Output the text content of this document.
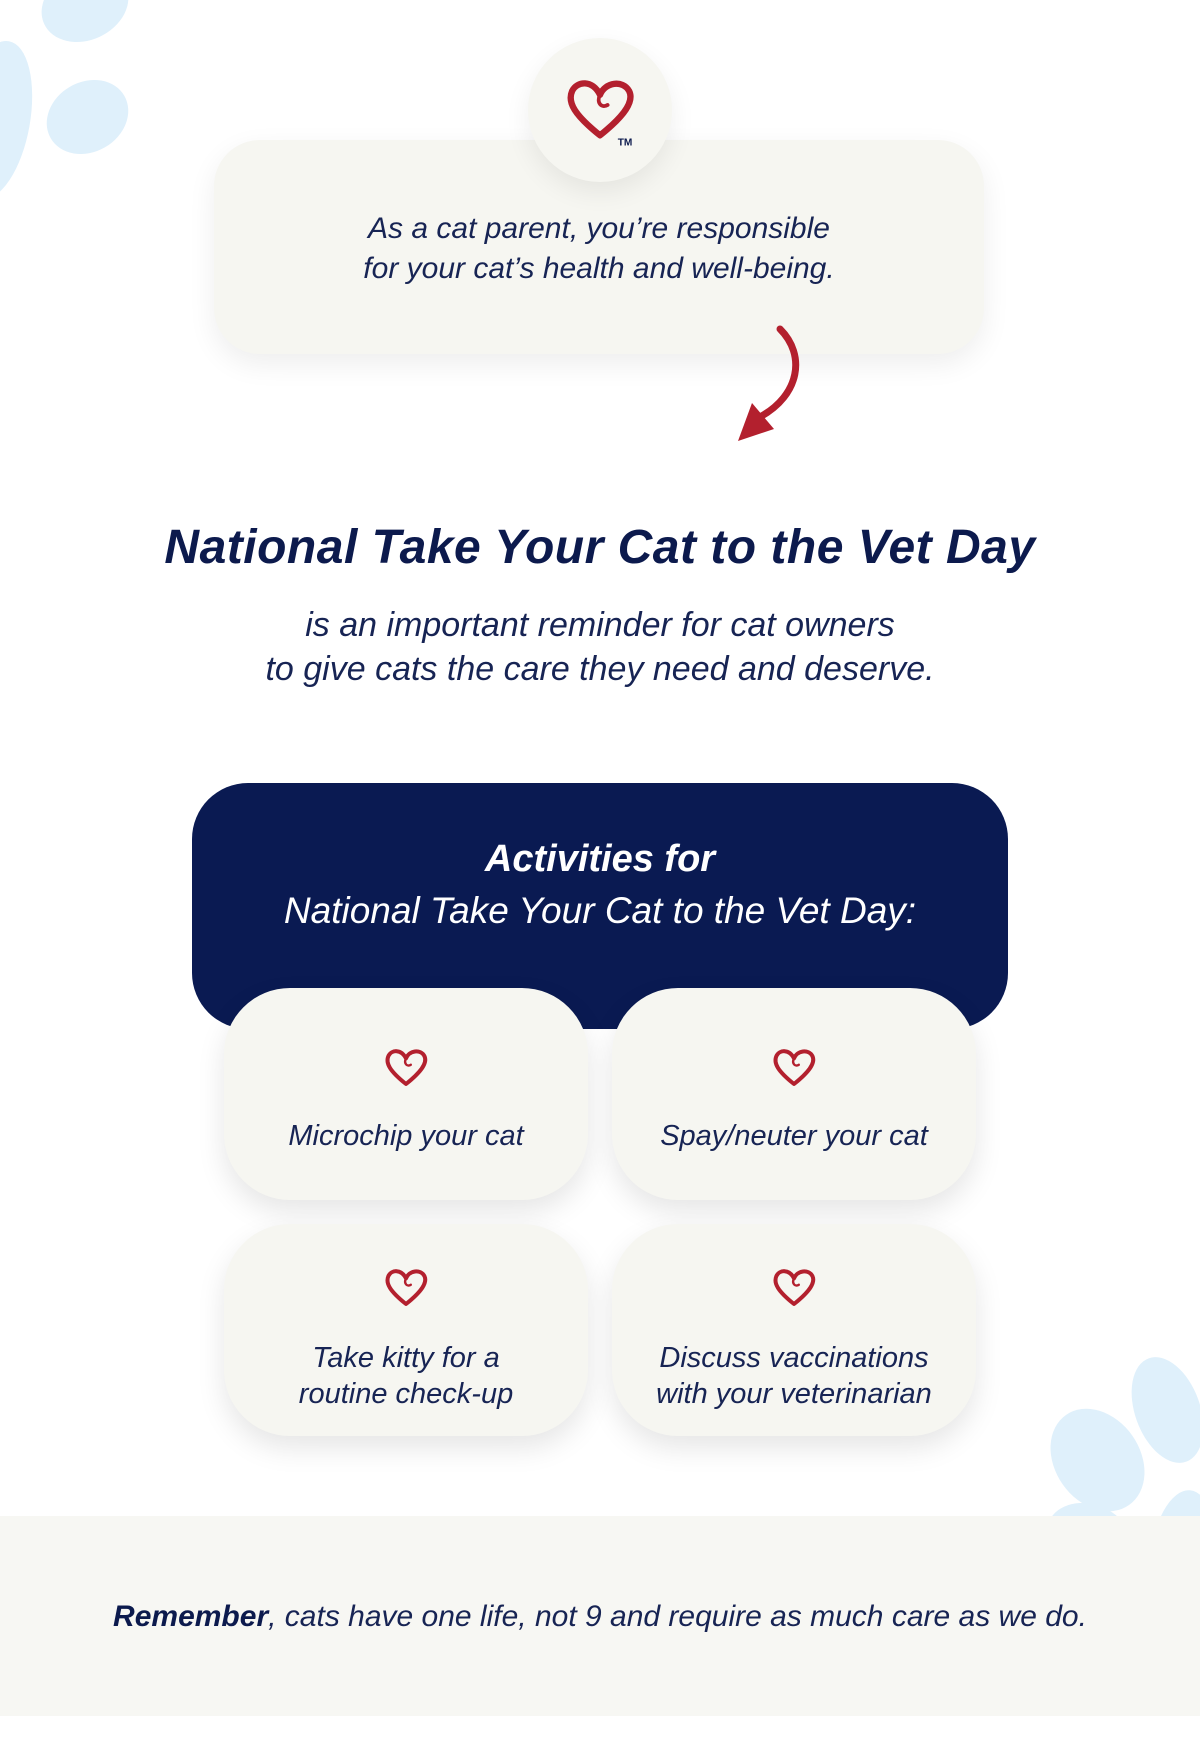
TM
As a cat parent, you’re responsible
for your cat’s health and well-being.
National Take Your Cat to the Vet Day
is an important reminder for cat owners
to give cats the care they need and deserve.
Activities for
National Take Your Cat to the Vet Day:
Microchip your cat	Spay/neuter your cat
Take kitty for a
routine check-up
Discuss vaccinations
with your veterinarian
Remember, cats have one life, not 9 and require as much care as we do.
